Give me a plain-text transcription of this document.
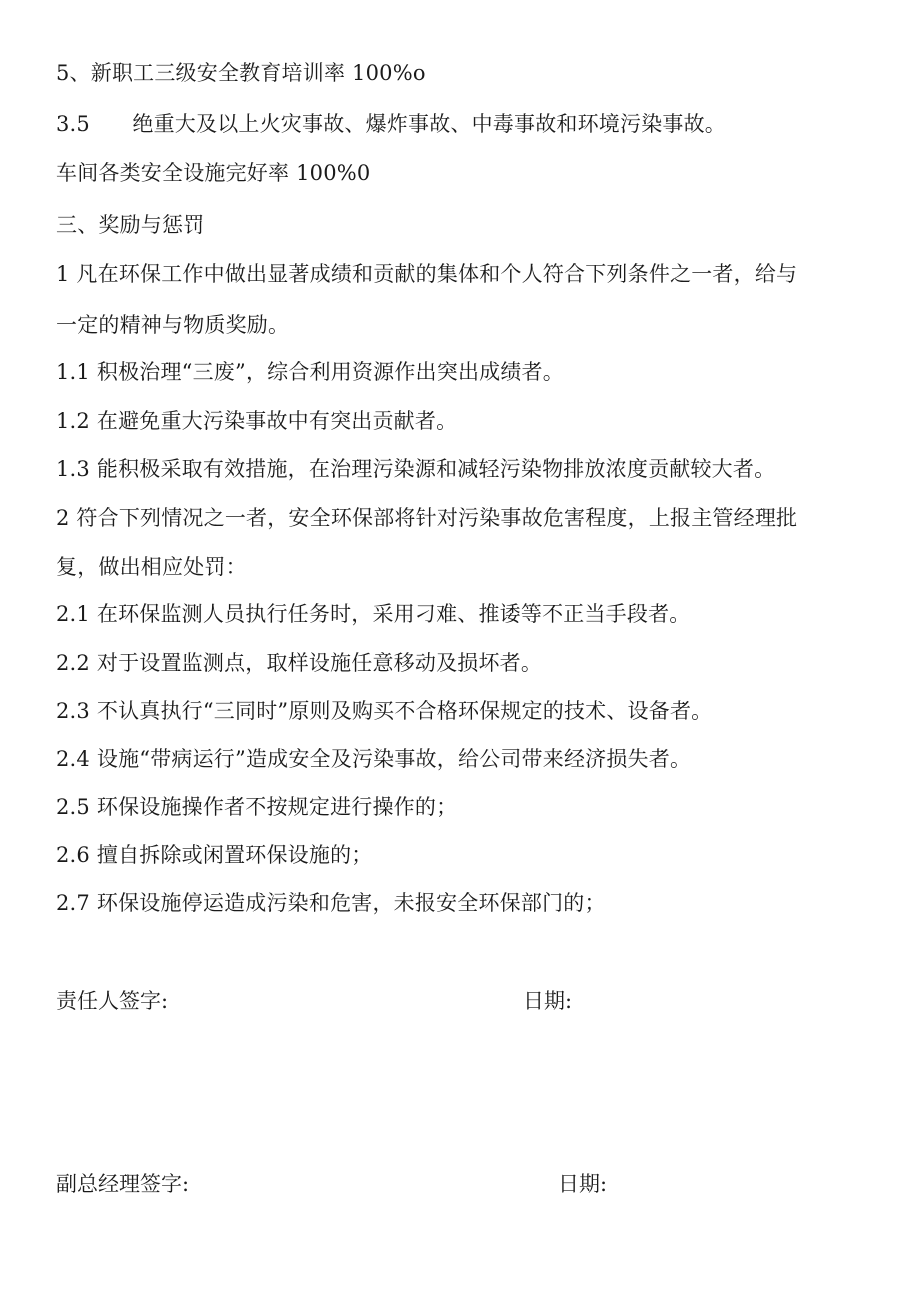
5、新职工三级安全教育培训率 100%o
3.5　　绝重大及以上火灾事故、爆炸事故、中毒事故和环境污染事故。
车间各类安全设施完好率 100%0
三、奖励与惩罚
1 凡在环保工作中做出显著成绩和贡献的集体和个人符合下列条件之一者，给与
一定的精神与物质奖励。
1.1 积极治理“三废”，综合利用资源作出突出成绩者。
1.2 在避免重大污染事故中有突出贡献者。
1.3 能积极采取有效措施，在治理污染源和减轻污染物排放浓度贡献较大者。
2 符合下列情况之一者，安全环保部将针对污染事故危害程度，上报主管经理批
复，做出相应处罚：
2.1 在环保监测人员执行任务时，采用刁难、推诿等不正当手段者。
2.2 对于设置监测点，取样设施任意移动及损坏者。
2.3 不认真执行“三同时”原则及购买不合格环保规定的技术、设备者。
2.4 设施“带病运行”造成安全及污染事故，给公司带来经济损失者。
2.5 环保设施操作者不按规定进行操作的；
2.6 擅自拆除或闲置环保设施的；
2.7 环保设施停运造成污染和危害，未报安全环保部门的；
责任人签字:	日期:
副总经理签字:	日期:
